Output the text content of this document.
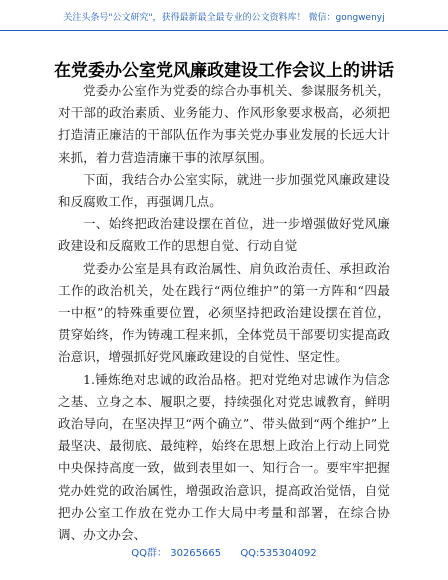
关注头条号"公文研究"，获得最新最全最专业的公文资料库！ 微信：gongwenyj
在党委办公室党风廉政建设工作会议上的讲话

党委办公室作为党委的综合办事机关、参谋服务机关，对干部的政治素质、业务能力、作风形象要求极高，必须把打造清正廉洁的干部队伍作为事关党办事业发展的长远大计来抓，着力营造清廉干事的浓厚氛围。

下面，我结合办公室实际，就进一步加强党风廉政建设和反腐败工作，再强调几点。

一、始终把政治建设摆在首位，进一步增强做好党风廉政建设和反腐败工作的思想自觉、行动自觉

党委办公室是具有政治属性、肩负政治责任、承担政治工作的政治机关，处在践行“两位维护”的第一方阵和“四最一中枢”的特殊重要位置，必须坚持把政治建设摆在首位，贯穿始终，作为铸魂工程来抓，全体党员干部要切实提高政治意识，增强抓好党风廉政建设的自觉性、坚定性。

1.锤炼绝对忠诚的政治品格。把对党绝对忠诚作为信念之基、立身之本、履职之要，持续强化对党忠诚教育，鲜明政治导向，在坚决捍卫“两个确立”、带头做到“两个维护”上最坚决、最彻底、最纯粹，始终在思想上政治上行动上同党中央保持高度一致，做到表里如一、知行合一。要牢牢把握党办姓党的政治属性，增强政治意识，提高政治觉悟，自觉把办公室工作放在党办工作大局中考量和部署，在综合协调、办文办会、

QQ群： 30265665 QQ:535304092
